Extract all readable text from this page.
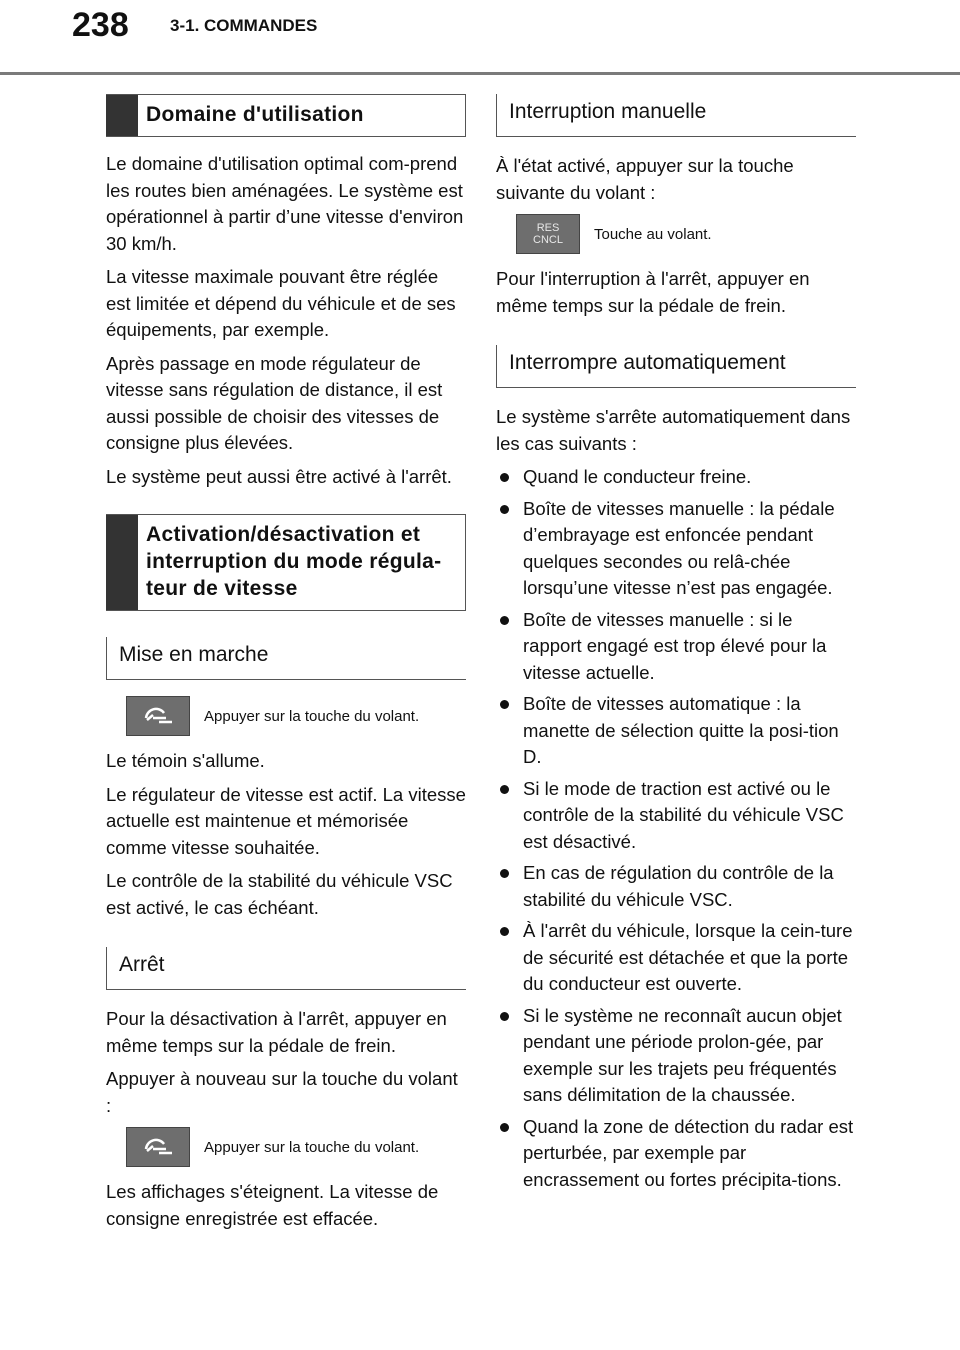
238 3-1. COMMANDES
Domaine d'utilisation

Le domaine d'utilisation optimal com-prend les routes bien aménagées. Le système est opérationnel à partir d’une vitesse d'environ 30 km/h.

La vitesse maximale pouvant être réglée est limitée et dépend du véhicule et de ses équipements, par exemple.

Après passage en mode régulateur de vitesse sans régulation de distance, il est aussi possible de choisir des vitesses de consigne plus élevées.

Le système peut aussi être activé à l'arrêt.

Activation/désactivation et interruption du mode régula-teur de vitesse
Mise en marche
Appuyer sur la touche du volant.

Le témoin s'allume.

Le régulateur de vitesse est actif. La vitesse actuelle est maintenue et mémorisée comme vitesse souhaitée.

Le contrôle de la stabilité du véhicule VSC est activé, le cas échéant.

Arrêt

Pour la désactivation à l'arrêt, appuyer en même temps sur la pédale de frein.

Appuyer à nouveau sur la touche du volant :

Appuyer sur la touche du volant.

Les affichages s'éteignent. La vitesse de consigne enregistrée est effacée.

Interruption manuelle

À l'état activé, appuyer sur la touche suivante du volant :

RES
CNCL Touche au volant.

Pour l'interruption à l'arrêt, appuyer en même temps sur la pédale de frein.

Interrompre automatiquement

Le système s'arrête automatiquement dans les cas suivants :

Quand le conducteur freine.
Boîte de vitesses manuelle : la pédale d’embrayage est enfoncée pendant quelques secondes ou relâ-chée lorsqu’une vitesse n’est pas engagée.
Boîte de vitesses manuelle : si le rapport engagé est trop élevé pour la vitesse actuelle.
Boîte de vitesses automatique : la manette de sélection quitte la posi-tion D.
Si le mode de traction est activé ou le contrôle de la stabilité du véhicule VSC est désactivé.
En cas de régulation du contrôle de la stabilité du véhicule VSC.
À l'arrêt du véhicule, lorsque la cein-ture de sécurité est détachée et que la porte du conducteur est ouverte.
Si le système ne reconnaît aucun objet pendant une période prolon-gée, par exemple sur les trajets peu fréquentés sans délimitation de la chaussée.
Quand la zone de détection du radar est perturbée, par exemple par encrassement ou fortes précipita-tions.
